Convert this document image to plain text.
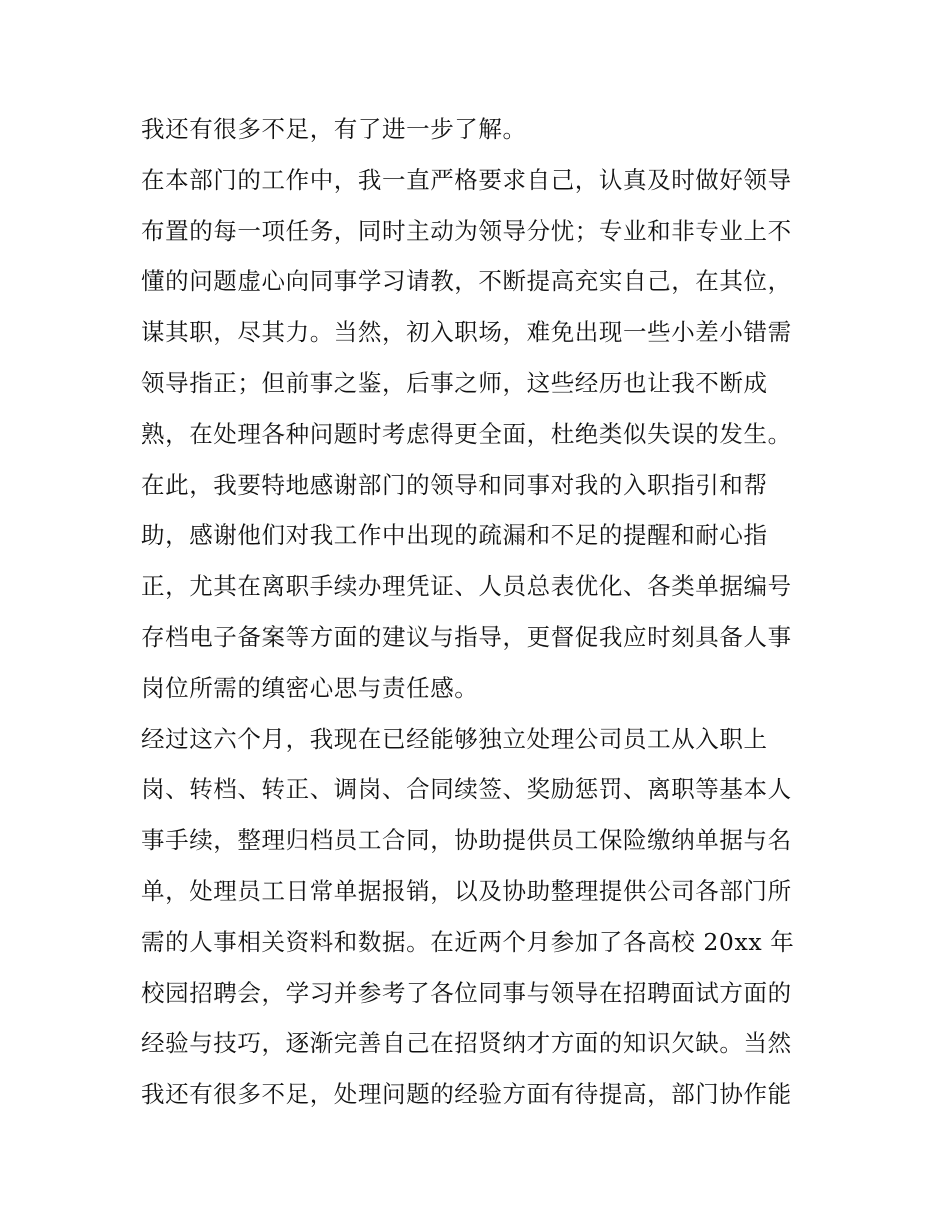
我还有很多不足，有了进一步了解。
在本部门的工作中，我一直严格要求自己，认真及时做好领导
布置的每一项任务，同时主动为领导分忧；专业和非专业上不
懂的问题虚心向同事学习请教，不断提高充实自己，在其位，
谋其职，尽其力。当然，初入职场，难免出现一些小差小错需
领导指正；但前事之鉴，后事之师，这些经历也让我不断成
熟，在处理各种问题时考虑得更全面，杜绝类似失误的发生。
在此，我要特地感谢部门的领导和同事对我的入职指引和帮
助，感谢他们对我工作中出现的疏漏和不足的提醒和耐心指
正，尤其在离职手续办理凭证、人员总表优化、各类单据编号
存档电子备案等方面的建议与指导，更督促我应时刻具备人事
岗位所需的缜密心思与责任感。
经过这六个月，我现在已经能够独立处理公司员工从入职上
岗、转档、转正、调岗、合同续签、奖励惩罚、离职等基本人
事手续，整理归档员工合同，协助提供员工保险缴纳单据与名
单，处理员工日常单据报销，以及协助整理提供公司各部门所
需的人事相关资料和数据。在近两个月参加了各高校 20xx 年
校园招聘会，学习并参考了各位同事与领导在招聘面试方面的
经验与技巧，逐渐完善自己在招贤纳才方面的知识欠缺。当然
我还有很多不足，处理问题的经验方面有待提高，部门协作能
